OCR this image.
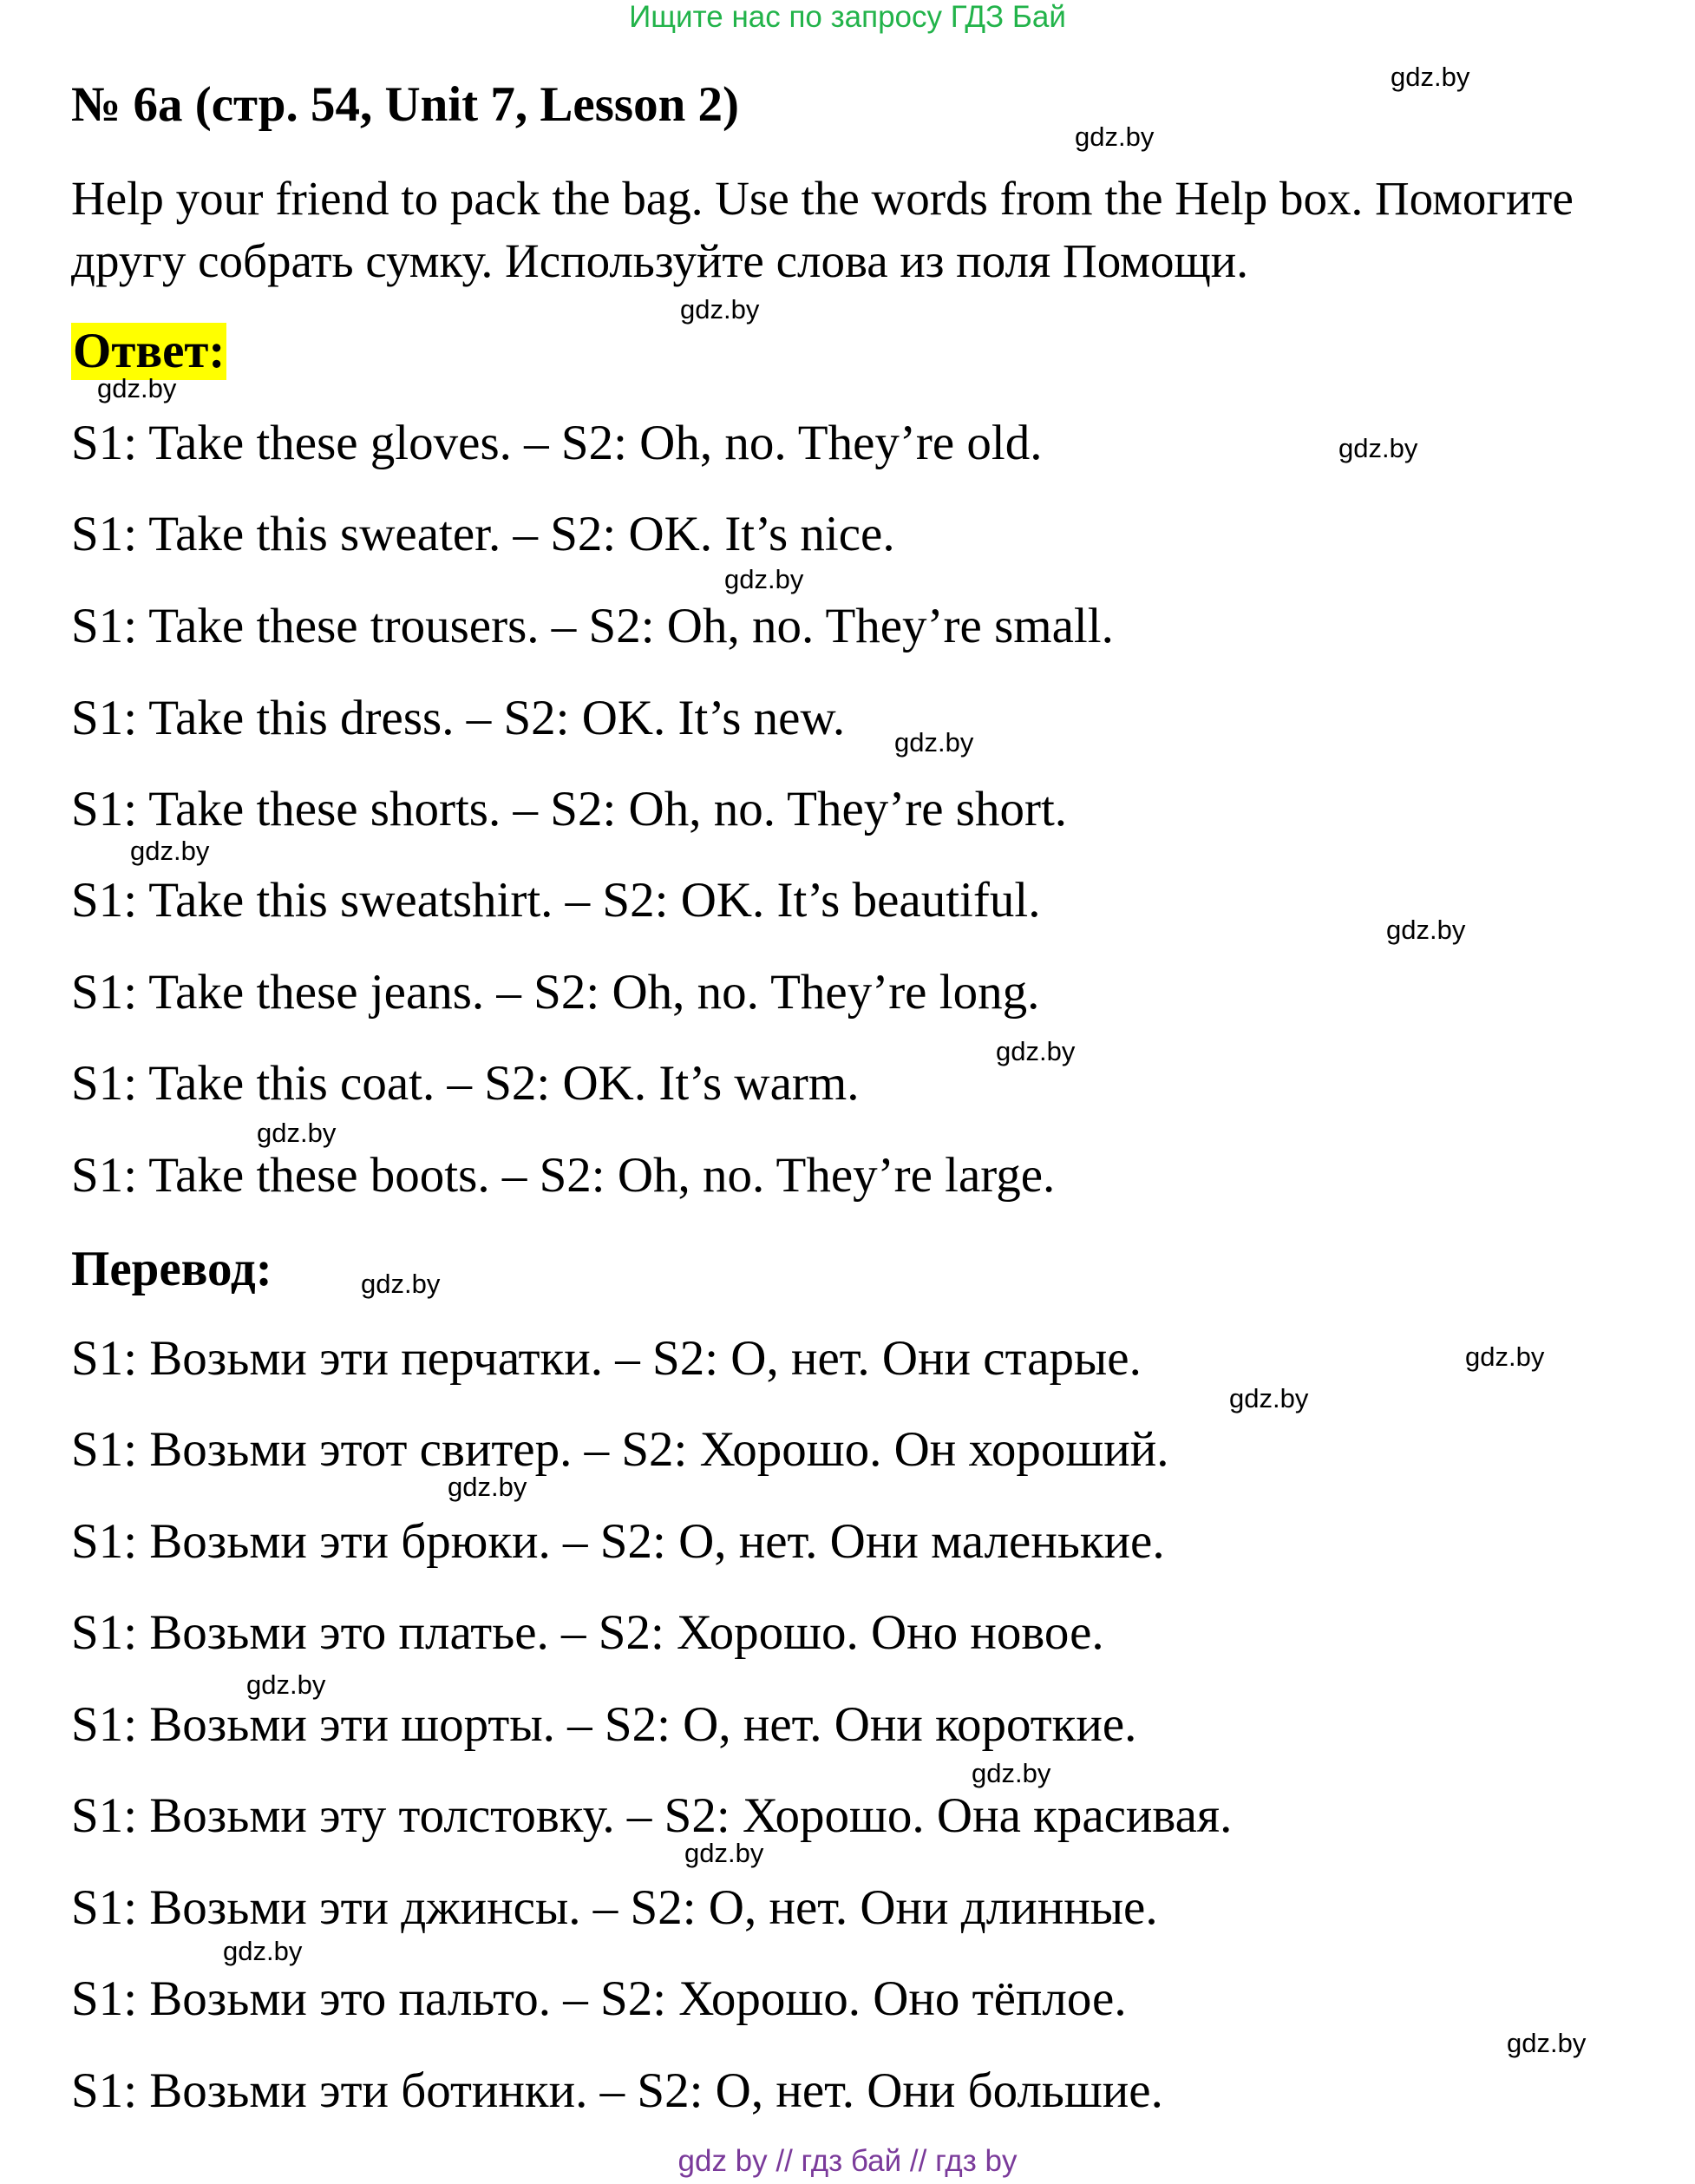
Ищите нас по запросу ГДЗ Бай
№ 6а (стр. 54, Unit 7, Lesson 2)
Help your friend to pack the bag. Use the words from the Help box. Помогите другу собрать сумку. Используйте слова из поля Помощи.
Ответ:
S1: Take these gloves. – S2: Oh, no. They’re old.
S1: Take this sweater. – S2: OK. It’s nice.
S1: Take these trousers. – S2: Oh, no. They’re small.
S1: Take this dress. – S2: OK. It’s new.
S1: Take these shorts. – S2: Oh, no. They’re short.
S1: Take this sweatshirt. – S2: OK. It’s beautiful.
S1: Take these jeans. – S2: Oh, no. They’re long.
S1: Take this coat. – S2: OK. It’s warm.
S1: Take these boots. – S2: Oh, no. They’re large.
Перевод:
S1: Возьми эти перчатки. – S2: О, нет. Они старые.
S1: Возьми этот свитер. – S2: Хорошо. Он хороший.
S1: Возьми эти брюки. – S2: О, нет. Они маленькие.
S1: Возьми это платье. – S2: Хорошо. Оно новое.
S1: Возьми эти шорты. – S2: О, нет. Они короткие.
S1: Возьми эту толстовку. – S2: Хорошо. Она красивая.
S1: Возьми эти джинсы. – S2: О, нет. Они длинные.
S1: Возьми это пальто. – S2: Хорошо. Оно тёплое.
S1: Возьми эти ботинки. – S2: О, нет. Они большие.
gdz.by
gdz.by
gdz.by
gdz.by
gdz.by
gdz.by
gdz.by
gdz.by
gdz.by
gdz.by
gdz.by
gdz.by
gdz.by
gdz.by
gdz.by
gdz.by
gdz.by
gdz.by
gdz.by
gdz.by
gdz by // гдз бай // гдз by
